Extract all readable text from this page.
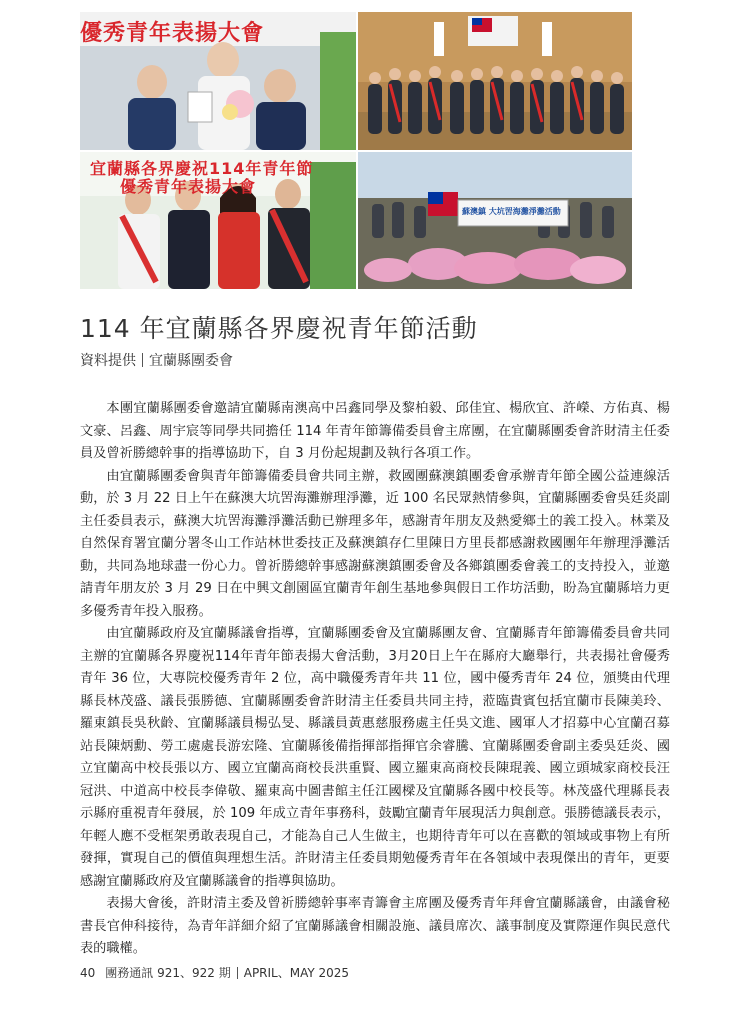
優秀青年表揚大會
宜蘭縣各界慶祝114年青年節
優秀青年表揚大會
蘇澳鎮 大坑罟海灘淨灘活動
114 年宜蘭縣各界慶祝青年節活動
資料提供 宜蘭縣團委會

本團宜蘭縣團委會邀請宜蘭縣南澳高中呂鑫同學及黎柏毅、邱佳宜、楊欣宜、許嶸、方佑真、楊文豪、呂鑫、周宇宸等同學共同擔任 114 年青年節籌備委員會主席團，在宜蘭縣團委會許財清主任委員及曾祈勝總幹事的指導協助下，自 3 月份起規劃及執行各項工作。

由宜蘭縣團委會與青年節籌備委員會共同主辦，救國團蘇澳鎮團委會承辦青年節全國公益連線活動，於 3 月 22 日上午在蘇澳大坑罟海灘辦理淨灘，近 100 名民眾熱情參與，宜蘭縣團委會吳廷炎副主任委員表示，蘇澳大坑罟海灘淨灘活動已辦理多年，感謝青年朋友及熱愛鄉土的義工投入。林業及自然保育署宜蘭分署冬山工作站林世委技正及蘇澳鎮存仁里陳日方里長都感謝救國團年年辦理淨灘活動，共同為地球盡一份心力。曾祈勝總幹事感謝蘇澳鎮團委會及各鄉鎮團委會義工的支持投入，並邀請青年朋友於 3 月 29 日在中興文創園區宜蘭青年創生基地參與假日工作坊活動，盼為宜蘭縣培力更多優秀青年投入服務。

由宜蘭縣政府及宜蘭縣議會指導，宜蘭縣團委會及宜蘭縣團友會、宜蘭縣青年節籌備委員會共同主辦的宜蘭縣各界慶祝114年青年節表揚大會活動，3月20日上午在縣府大廳舉行，共表揚社會優秀青年 36 位，大專院校優秀青年 2 位，高中職優秀青年共 11 位，國中優秀青年 24 位，頒獎由代理縣長林茂盛、議長張勝德、宜蘭縣團委會許財清主任委員共同主持，蒞臨貴賓包括宜蘭市長陳美玲、羅東鎮長吳秋齡、宜蘭縣議員楊弘旻、縣議員黃惠慈服務處主任吳文進、國軍人才招募中心宜蘭召募站長陳炳勳、勞工處處長游宏隆、宜蘭縣後備指揮部指揮官余睿騰、宜蘭縣團委會副主委吳廷炎、國立宜蘭高中校長張以方、國立宜蘭高商校長洪重賢、國立羅東高商校長陳琨義、國立頭城家商校長汪冠洪、中道高中校長李偉敬、羅東高中圖書館主任江國樑及宜蘭縣各國中校長等。林茂盛代理縣長表示縣府重視青年發展，於 109 年成立青年事務科，鼓勵宜蘭青年展現活力與創意。張勝德議長表示，年輕人應不受框架勇敢表現自己，才能為自己人生做主，也期待青年可以在喜歡的領域或事物上有所發揮，實現自己的價值與理想生活。許財清主任委員期勉優秀青年在各領域中表現傑出的青年，更要感謝宜蘭縣政府及宜蘭縣議會的指導與協助。

表揚大會後，許財清主委及曾祈勝總幹事率青籌會主席團及優秀青年拜會宜蘭縣議會，由議會秘書長官伸科接待，為青年詳細介紹了宜蘭縣議會相關設施、議員席次、議事制度及實際運作與民意代表的職權。

40 團務通訊 921、922 期 APRIL、MAY 2025
